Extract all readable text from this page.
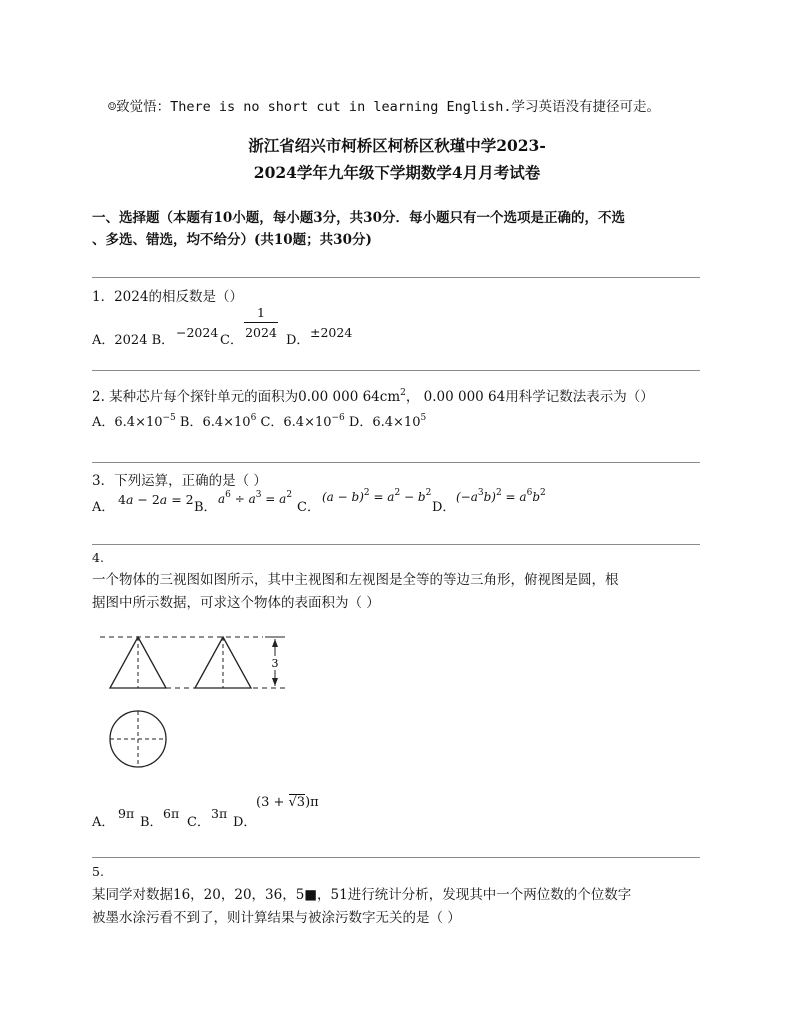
☺致觉悟：There is no short cut in learning English.学习英语没有捷径可走。
浙江省绍兴市柯桥区柯桥区秋瑾中学2023-
2024学年九年级下学期数学4月月考试卷
一、选择题（本题有10小题，每小题3分，共30分．每小题只有一个选项是正确的，不选
、多选、错选，均不给分）(共10题；共30分)
1．2024的相反数是（）
A．2024 B．
−2024
C．
1
2024
D．
±2024
2. 某种芯片每个探针单元的面积为0.00 000 $64cm^2$， 0.00 000 64用科学记数法表示为（）
A．$6.4\times 10^{-5}$ B．$6.4\times 10^6$ C．$6.4\times 10^{-6}$ D．$6.4\times 10^5$
3．下列运算，正确的是（ ）
A．
4a − 2a = 2
B．
$a^6 \div a^3 = a^2$
C．
$(a - b)^2 = a^2 - b^2$
D．
$(-a^3b)^2 = a^6b^2$
4.
一个物体的三视图如图所示，其中主视图和左视图是全等的等边三角形，俯视图是圆，根
据图中所示数据，可求这个物体的表面积为（ ）
3
A．
9π
B．
6π
C．
3π
D．
(3 + √3)π
5.
某同学对数据16，20，20，36，5■，51进行统计分析，发现其中一个两位数的个位数字
被墨水涂污看不到了，则计算结果与被涂污数字无关的是（ ）
